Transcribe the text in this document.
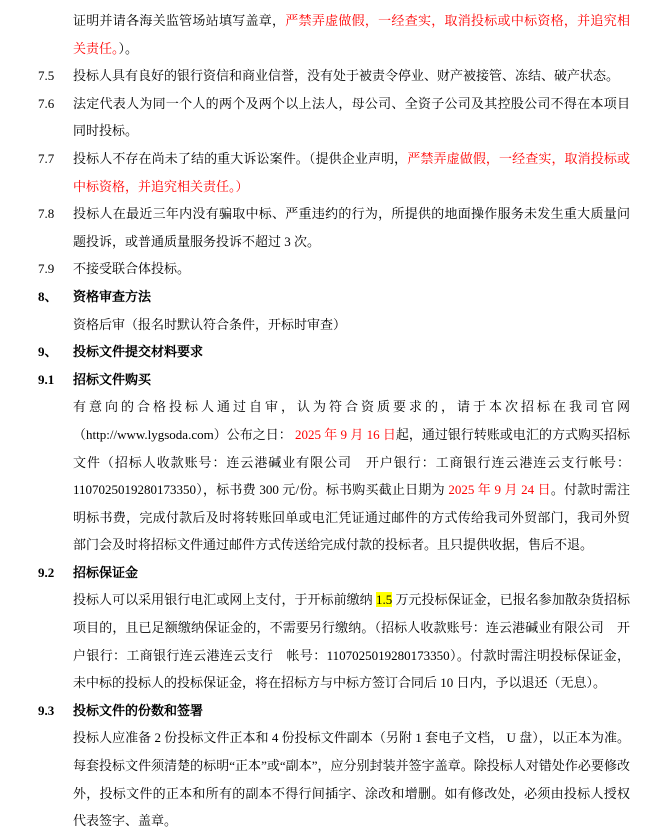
证明并请各海关监管场站填写盖章，严禁弄虚做假，一经查实，取消投标或中标资格，并追究相关责任。）。
7.5	投标人具有良好的银行资信和商业信誉，没有处于被责令停业、财产被接管、冻结、破产状态。
7.6	法定代表人为同一个人的两个及两个以上法人，母公司、全资子公司及其控股公司不得在本项目同时投标。
7.7	投标人不存在尚未了结的重大诉讼案件。（提供企业声明，严禁弄虚做假，一经查实，取消投标或中标资格，并追究相关责任。）
7.8	投标人在最近三年内没有骗取中标、严重违约的行为，所提供的地面操作服务未发生重大质量问题投诉，或普通质量服务投诉不超过 3 次。
7.9	不接受联合体投标。
8、	资格审查方法
资格后审（报名时默认符合条件，开标时审查）
9、	投标文件提交材料要求
9.1	招标文件购买
有意向的合格投标人通过自审，认为符合资质要求的，请于本次招标在我司官网（http://www.lygsoda.com）公布之日： 2025 年 9 月 16 日起，通过银行转账或电汇的方式购买招标文件（招标人收款账号：连云港碱业有限公司　开户银行：工商银行连云港连云支行帐号：1107025019280173350），标书费 300 元/份。标书购买截止日期为 2025 年 9 月 24 日。付款时需注明标书费，完成付款后及时将转账回单或电汇凭证通过邮件的方式传给我司外贸部门，我司外贸部门会及时将招标文件通过邮件方式传送给完成付款的投标者。且只提供收据，售后不退。
9.2	招标保证金
投标人可以采用银行电汇或网上支付，于开标前缴纳 1.5 万元投标保证金，已报名参加散杂货招标项目的，且已足额缴纳保证金的，不需要另行缴纳。（招标人收款账号：连云港碱业有限公司　开户银行：工商银行连云港连云支行　帐号：1107025019280173350）。付款时需注明投标保证金，未中标的投标人的投标保证金，将在招标方与中标方签订合同后 10 日内，予以退还（无息）。
9.3	投标文件的份数和签署
投标人应准备 2 份投标文件正本和 4 份投标文件副本（另附 1 套电子文档， U 盘），以正本为准。每套投标文件须清楚的标明“正本”或“副本”，应分别封装并签字盖章。除投标人对错处作必要修改外，投标文件的正本和所有的副本不得行间插字、涂改和增删。如有修改处，必须由投标人授权代表签字、盖章。
